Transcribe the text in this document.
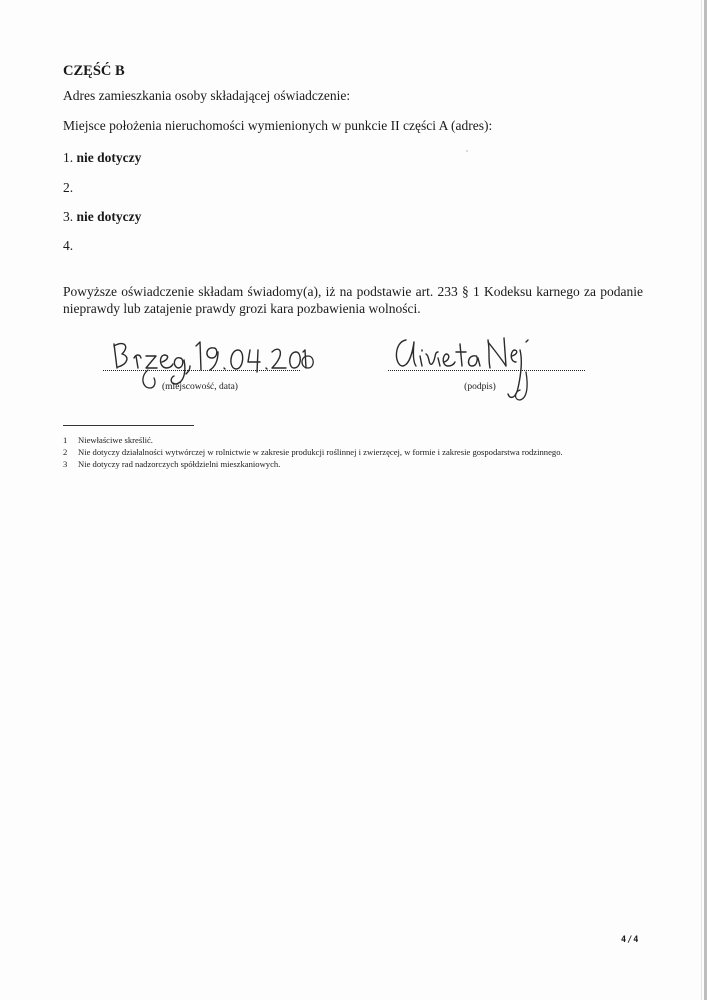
CZĘŚĆ B
Adres zamieszkania osoby składającej oświadczenie:
Miejsce położenia nieruchomości wymienionych w punkcie II części A (adres):
1. nie dotyczy
2.
3. nie dotyczy
4.

Powyższe oświadczenie składam świadomy(a), iż na podstawie art. 233 § 1 Kodeksu karnego za podanie

nieprawdy lub zatajenie prawdy grozi kara pozbawienia wolności.

(miejscowość, data)	(podpis)
1 Niewłaściwe skreślić.
2 Nie dotyczy działalności wytwórczej w rolnictwie w zakresie produkcji roślinnej i zwierzęcej, w formie i zakresie gospodarstwa rodzinnego.
3 Nie dotyczy rad nadzorczych spółdzielni mieszkaniowych.
4/4
